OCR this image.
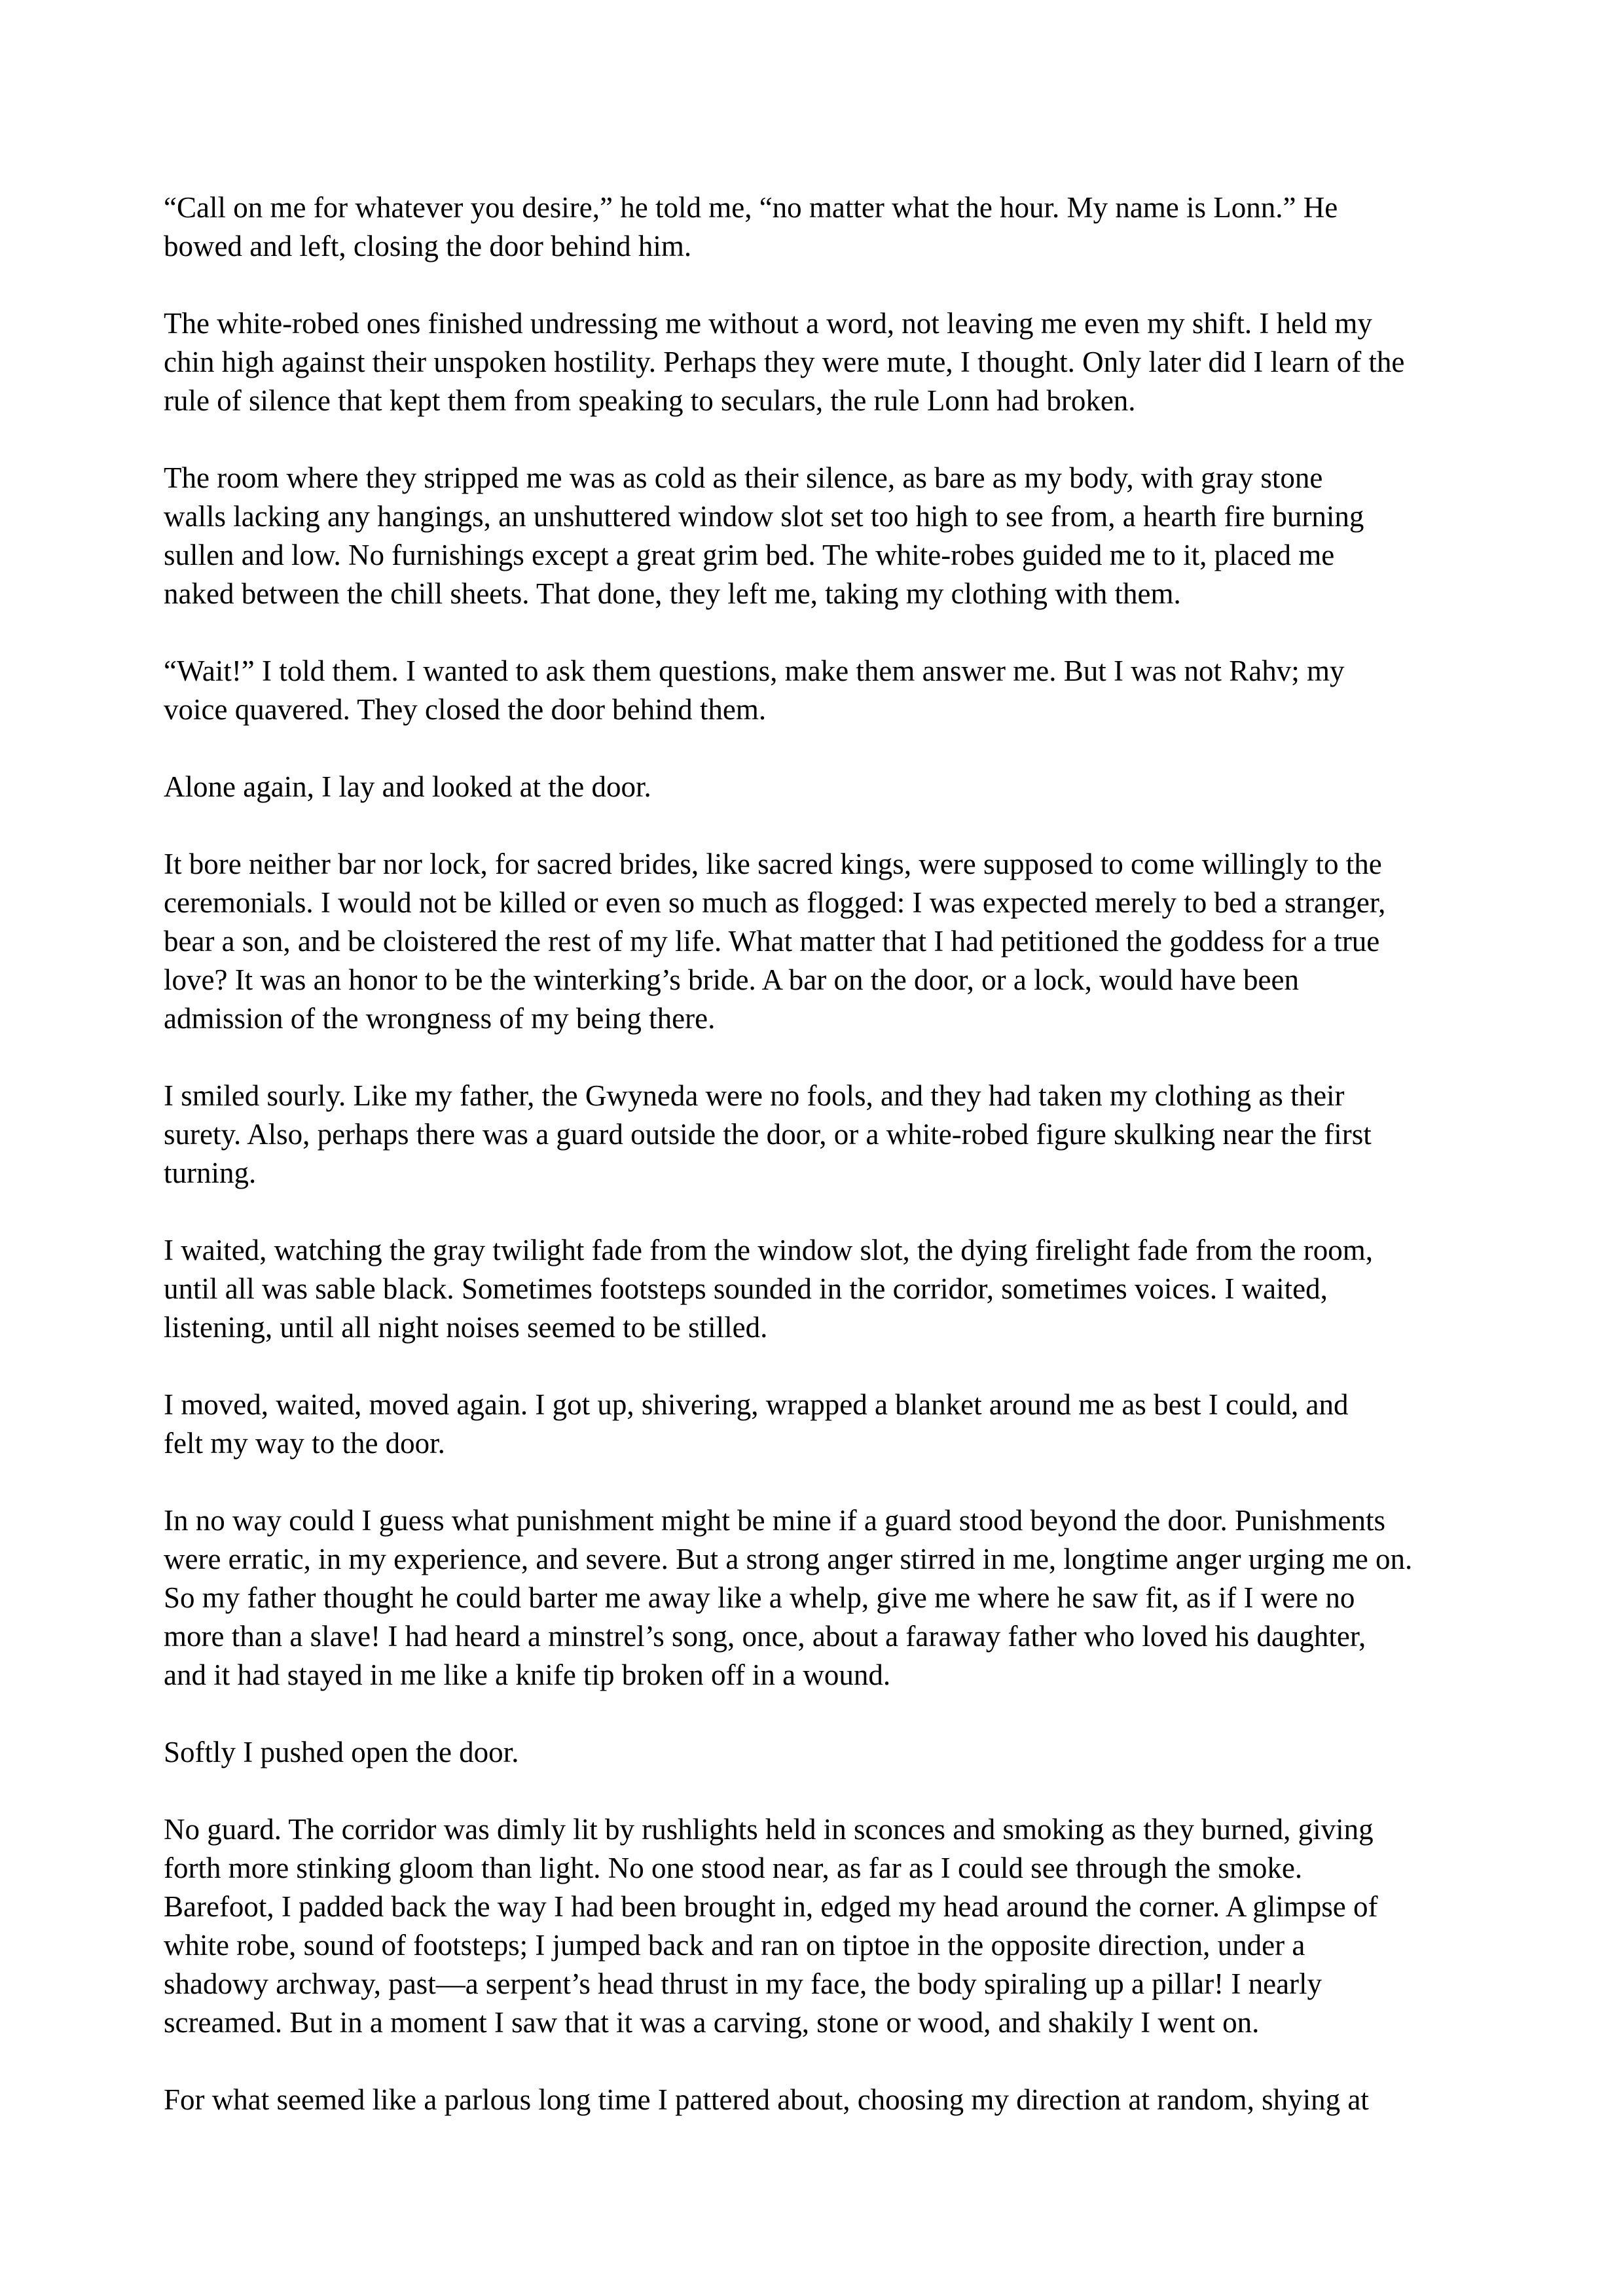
“Call on me for whatever you desire,” he told me, “no matter what the hour. My name is Lonn.” He
bowed and left, closing the door behind him.

The white-robed ones finished undressing me without a word, not leaving me even my shift. I held my
chin high against their unspoken hostility. Perhaps they were mute, I thought. Only later did I learn of the
rule of silence that kept them from speaking to seculars, the rule Lonn had broken.

The room where they stripped me was as cold as their silence, as bare as my body, with gray stone
walls lacking any hangings, an unshuttered window slot set too high to see from, a hearth fire burning
sullen and low. No furnishings except a great grim bed. The white-robes guided me to it, placed me
naked between the chill sheets. That done, they left me, taking my clothing with them.

“Wait!” I told them. I wanted to ask them questions, make them answer me. But I was not Rahv; my
voice quavered. They closed the door behind them.

Alone again, I lay and looked at the door.

It bore neither bar nor lock, for sacred brides, like sacred kings, were supposed to come willingly to the
ceremonials. I would not be killed or even so much as flogged: I was expected merely to bed a stranger,
bear a son, and be cloistered the rest of my life. What matter that I had petitioned the goddess for a true
love? It was an honor to be the winterking’s bride. A bar on the door, or a lock, would have been
admission of the wrongness of my being there.

I smiled sourly. Like my father, the Gwyneda were no fools, and they had taken my clothing as their
surety. Also, perhaps there was a guard outside the door, or a white-robed figure skulking near the first
turning.

I waited, watching the gray twilight fade from the window slot, the dying firelight fade from the room,
until all was sable black. Sometimes footsteps sounded in the corridor, sometimes voices. I waited,
listening, until all night noises seemed to be stilled.

I moved, waited, moved again. I got up, shivering, wrapped a blanket around me as best I could, and
felt my way to the door.

In no way could I guess what punishment might be mine if a guard stood beyond the door. Punishments
were erratic, in my experience, and severe. But a strong anger stirred in me, longtime anger urging me on.
So my father thought he could barter me away like a whelp, give me where he saw fit, as if I were no
more than a slave! I had heard a minstrel’s song, once, about a faraway father who loved his daughter,
and it had stayed in me like a knife tip broken off in a wound.

Softly I pushed open the door.

No guard. The corridor was dimly lit by rushlights held in sconces and smoking as they burned, giving
forth more stinking gloom than light. No one stood near, as far as I could see through the smoke.
Barefoot, I padded back the way I had been brought in, edged my head around the corner. A glimpse of
white robe, sound of footsteps; I jumped back and ran on tiptoe in the opposite direction, under a
shadowy archway, past—a serpent’s head thrust in my face, the body spiraling up a pillar! I nearly
screamed. But in a moment I saw that it was a carving, stone or wood, and shakily I went on.

For what seemed like a parlous long time I pattered about, choosing my direction at random, shying at
